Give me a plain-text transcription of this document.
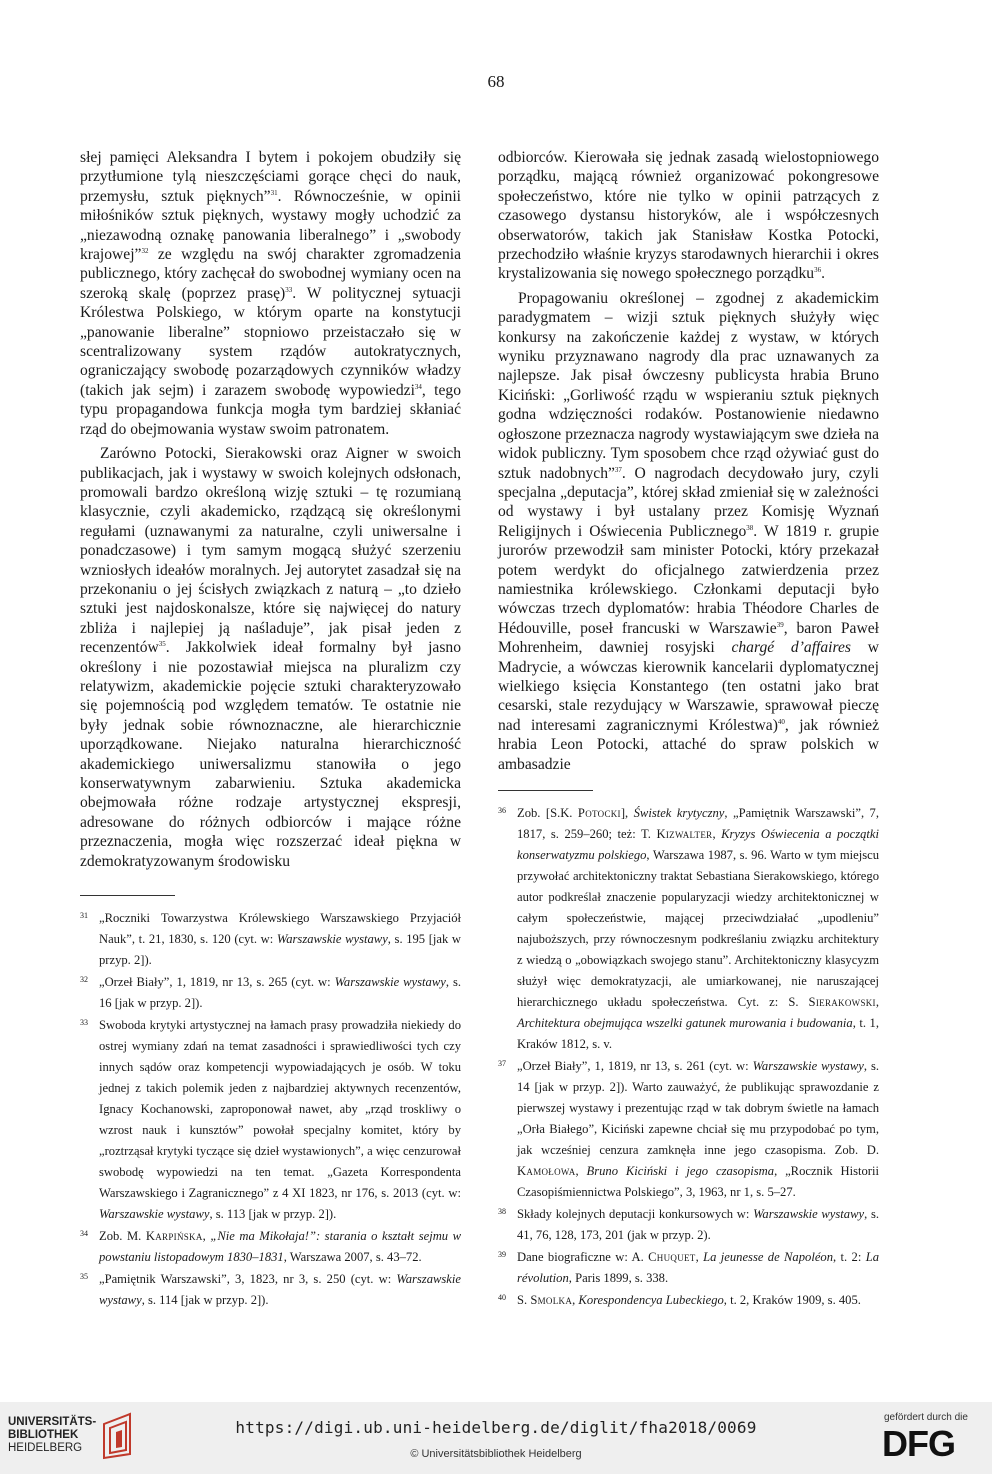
68

słej pamięci Aleksandra I bytem i pokojem obudziły się przytłumione tylą nieszczęściami gorące chęci do nauk, przemysłu, sztuk pięknych”$^{31}$. Równocześnie, w opinii miłośników sztuk pięknych, wystawy mogły uchodzić za „niezawodną oznakę panowania liberalnego” i „swobody krajowej”$^{32}$ ze względu na swój charakter zgromadzenia publicznego, który zachęcał do swobodnej wymiany ocen na szeroką skalę (poprzez prasę)$^{33}$. W politycznej sytuacji Królestwa Polskiego, w którym oparte na konstytucji „panowanie liberalne” stopniowo przeistaczało się w scentralizowany system rządów autokratycznych, ograniczający swobodę pozarządowych czynników władzy (takich jak sejm) i zarazem swobodę wypowiedzi$^{34}$, tego typu propagandowa funkcja mogła tym bardziej skłaniać rząd do obejmowania wystaw swoim patronatem.

Zarówno Potocki, Sierakowski oraz Aigner w swoich publikacjach, jak i wystawy w swoich kolejnych odsłonach, promowali bardzo określoną wizję sztuki – tę rozumianą klasycznie, czyli akademicko, rządzącą się określonymi regułami (uznawanymi za naturalne, czyli uniwersalne i ponadczasowe) i tym samym mogącą służyć szerzeniu wzniosłych ideałów moralnych. Jej autorytet zasadzał się na przekonaniu o jej ścisłych związkach z naturą – „to dzieło sztuki jest najdoskonalsze, które się najwięcej do natury zbliża i najlepiej ją naśladuje”, jak pisał jeden z recenzentów$^{35}$. Jakkolwiek ideał formalny był jasno określony i nie pozostawiał miejsca na pluralizm czy relatywizm, akademickie pojęcie sztuki charakteryzowało się pojemnością pod względem tematów. Te ostatnie nie były jednak sobie równoznaczne, ale hierarchicznie uporządkowane. Niejako naturalna hierarchiczność akademickiego uniwersalizmu stanowiła o jego konserwatywnym zabarwieniu. Sztuka akademicka obejmowała różne rodzaje artystycznej ekspresji, adresowane do różnych odbiorców i mające różne przeznaczenia, mogła więc rozszerzać ideał piękna w zdemokratyzowanym środowisku

31 „Roczniki Towarzystwa Królewskiego Warszawskiego Przyjaciół Nauk”, t. 21, 1830, s. 120 (cyt. w: Warszawskie wystawy, s. 195 [jak w przyp. 2]).
32 „Orzeł Biały”, 1, 1819, nr 13, s. 265 (cyt. w: Warszawskie wystawy, s. 16 [jak w przyp. 2]).
33 Swoboda krytyki artystycznej na łamach prasy prowadziła niekiedy do ostrej wymiany zdań na temat zasadności i sprawiedliwości tych czy innych sądów oraz kompetencji wypowiadających je osób. W toku jednej z takich polemik jeden z najbardziej aktywnych recenzentów, Ignacy Kochanowski, zaproponował nawet, aby „rząd troskliwy o wzrost nauk i kunsztów” powołał specjalny komitet, który by „roztrząsał krytyki tyczące się dzieł wystawionych”, a więc cenzurował swobodę wypowiedzi na ten temat. „Gazeta Korrespondenta Warszawskiego i Zagranicznego” z 4 XI 1823, nr 176, s. 2013 (cyt. w: Warszawskie wystawy, s. 113 [jak w przyp. 2]).
34 Zob. M. Karpińska, „Nie ma Mikołaja!”: starania o kształt sejmu w powstaniu listopadowym 1830–1831, Warszawa 2007, s. 43–72.
35 „Pamiętnik Warszawski”, 3, 1823, nr 3, s. 250 (cyt. w: Warszawskie wystawy, s. 114 [jak w przyp. 2]).

odbiorców. Kierowała się jednak zasadą wielostopniowego porządku, mającą również organizować pokongresowe społeczeństwo, które nie tylko w opinii patrzących z czasowego dystansu historyków, ale i współczesnych obserwatorów, takich jak Stanisław Kostka Potocki, przechodziło właśnie kryzys starodawnych hierarchii i okres krystalizowania się nowego społecznego porządku$^{36}$.

Propagowaniu określonej – zgodnej z akademickim paradygmatem – wizji sztuk pięknych służyły więc konkursy na zakończenie każdej z wystaw, w których wyniku przyznawano nagrody dla prac uznawanych za najlepsze. Jak pisał ówczesny publicysta hrabia Bruno Kiciński: „Gorliwość rządu w wspieraniu sztuk pięknych godna wdzięczności rodaków. Postanowienie niedawno ogłoszone przeznacza nagrody wystawiającym swe dzieła na widok publiczny. Tym sposobem chce rząd ożywiać gust do sztuk nadobnych”$^{37}$. O nagrodach decydowało jury, czyli specjalna „deputacja”, której skład zmieniał się w zależności od wystawy i był ustalany przez Komisję Wyznań Religijnych i Oświecenia Publicznego$^{38}$. W 1819 r. grupie jurorów przewodził sam minister Potocki, który przekazał potem werdykt do oficjalnego zatwierdzenia przez namiestnika królewskiego. Członkami deputacji było wówczas trzech dyplomatów: hrabia Théodore Charles de Hédouville, poseł francuski w Warszawie$^{39}$, baron Paweł Mohrenheim, dawniej rosyjski chargé d’affaires w Madrycie, a wówczas kierownik kancelarii dyplomatycznej wielkiego księcia Konstantego (ten ostatni jako brat cesarski, stale rezydujący w Warszawie, sprawował pieczę nad interesami zagranicznymi Królestwa)$^{40}$, jak również hrabia Leon Potocki, attaché do spraw polskich w ambasadzie

36 Zob. [S.K. Potocki], Świstek krytyczny, „Pamiętnik Warszawski”, 7, 1817, s. 259–260; też: T. Kizwalter, Kryzys Oświecenia a początki konserwatyzmu polskiego, Warszawa 1987, s. 96. Warto w tym miejscu przywołać architektoniczny traktat Sebastiana Sierakowskiego, którego autor podkreślał znaczenie popularyzacji wiedzy architektonicznej w całym społeczeństwie, mającej przeciwdziałać „upodleniu” najuboższych, przy równoczesnym podkreślaniu związku architektury z wiedzą o „obowiązkach swojego stanu”. Architektoniczny klasycyzm służył więc demokratyzacji, ale umiarkowanej, nie naruszającej hierarchicznego układu społeczeństwa. Cyt. z: S. Sierakowski, Architektura obejmująca wszelki gatunek murowania i budowania, t. 1, Kraków 1812, s. v.
37 „Orzeł Biały”, 1, 1819, nr 13, s. 261 (cyt. w: Warszawskie wystawy, s. 14 [jak w przyp. 2]). Warto zauważyć, że publikując sprawozdanie z pierwszej wystawy i prezentując rząd w tak dobrym świetle na łamach „Orła Białego”, Kiciński zapewne chciał się mu przypodobać po tym, jak wcześniej cenzura zamknęła inne jego czasopisma. Zob. D. Kamołowa, Bruno Kiciński i jego czasopisma, „Rocznik Historii Czasopiśmiennictwa Polskiego”, 3, 1963, nr 1, s. 5–27.
38 Składy kolejnych deputacji konkursowych w: Warszawskie wystawy, s. 41, 76, 128, 173, 201 (jak w przyp. 2).
39 Dane biograficzne w: A. Chuquet, La jeunesse de Napoléon, t. 2: La révolution, Paris 1899, s. 338.
40 S. Smolka, Korespondencya Lubeckiego, t. 2, Kraków 1909, s. 405.
UNIVERSITÄTS-
BIBLIOTHEK
HEIDELBERG
https://digi.ub.uni-heidelberg.de/diglit/fha2018/0069
© Universitätsbibliothek Heidelberg
gefördert durch die
DFG
